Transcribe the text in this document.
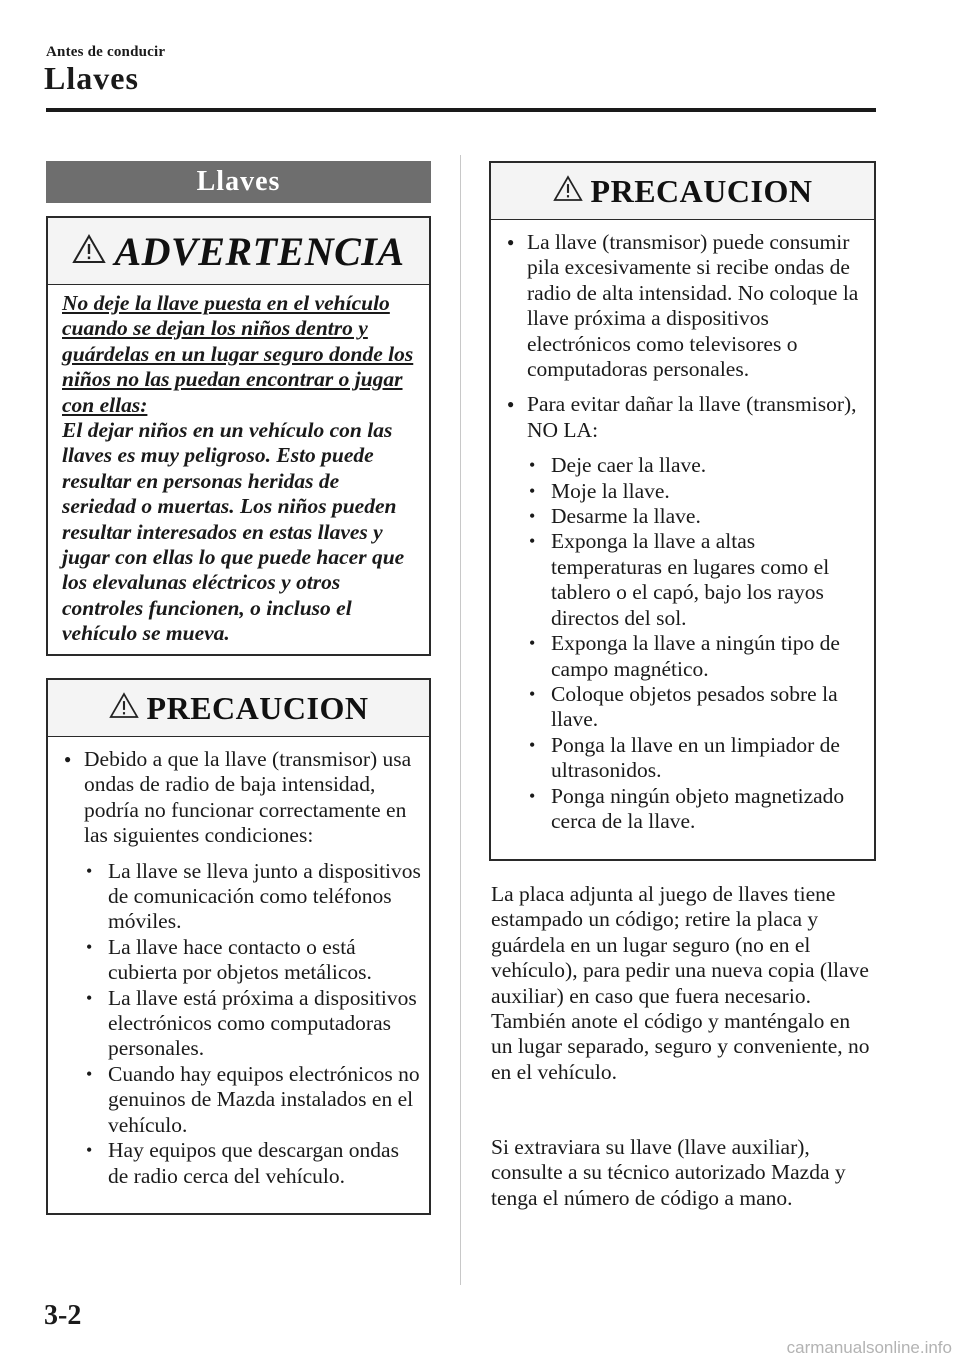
Antes de conducir
Llaves
Llaves
ADVERTENCIA
No deje la llave puesta en el vehículo cuando se dejan los niños dentro y guárdelas en un lugar seguro donde los niños no las puedan encontrar o jugar con ellas:
El dejar niños en un vehículo con las llaves es muy peligroso. Esto puede resultar en personas heridas de seriedad o muertas. Los niños pueden resultar interesados en estas llaves y jugar con ellas lo que puede hacer que los elevalunas eléctricos y otros controles funcionen, o incluso el vehículo se mueva.
PRECAUCION
● Debido a que la llave (transmisor) usa ondas de radio de baja intensidad, podría no funcionar correctamente en las siguientes condiciones:
• La llave se lleva junto a dispositivos de comunicación como teléfonos móviles.
• La llave hace contacto o está cubierta por objetos metálicos.
• La llave está próxima a dispositivos electrónicos como computadoras personales.
• Cuando hay equipos electrónicos no genuinos de Mazda instalados en el vehículo.
• Hay equipos que descargan ondas de radio cerca del vehículo.
PRECAUCION
● La llave (transmisor) puede consumir pila excesivamente si recibe ondas de radio de alta intensidad. No coloque la llave próxima a dispositivos electrónicos como televisores o computadoras personales.
● Para evitar dañar la llave (transmisor), NO LA:
• Deje caer la llave.
• Moje la llave.
• Desarme la llave.
• Exponga la llave a altas temperaturas en lugares como el tablero o el capó, bajo los rayos directos del sol.
• Exponga la llave a ningún tipo de campo magnético.
• Coloque objetos pesados sobre la llave.
• Ponga la llave en un limpiador de ultrasonidos.
• Ponga ningún objeto magnetizado cerca de la llave.
La placa adjunta al juego de llaves tiene estampado un código; retire la placa y guárdela en un lugar seguro (no en el vehículo), para pedir una nueva copia (llave auxiliar) en caso que fuera necesario.
También anote el código y manténgalo en un lugar separado, seguro y conveniente, no en el vehículo.
Si extraviara su llave (llave auxiliar), consulte a su técnico autorizado Mazda y tenga el número de código a mano.
3-2
carmanualsonline.info
